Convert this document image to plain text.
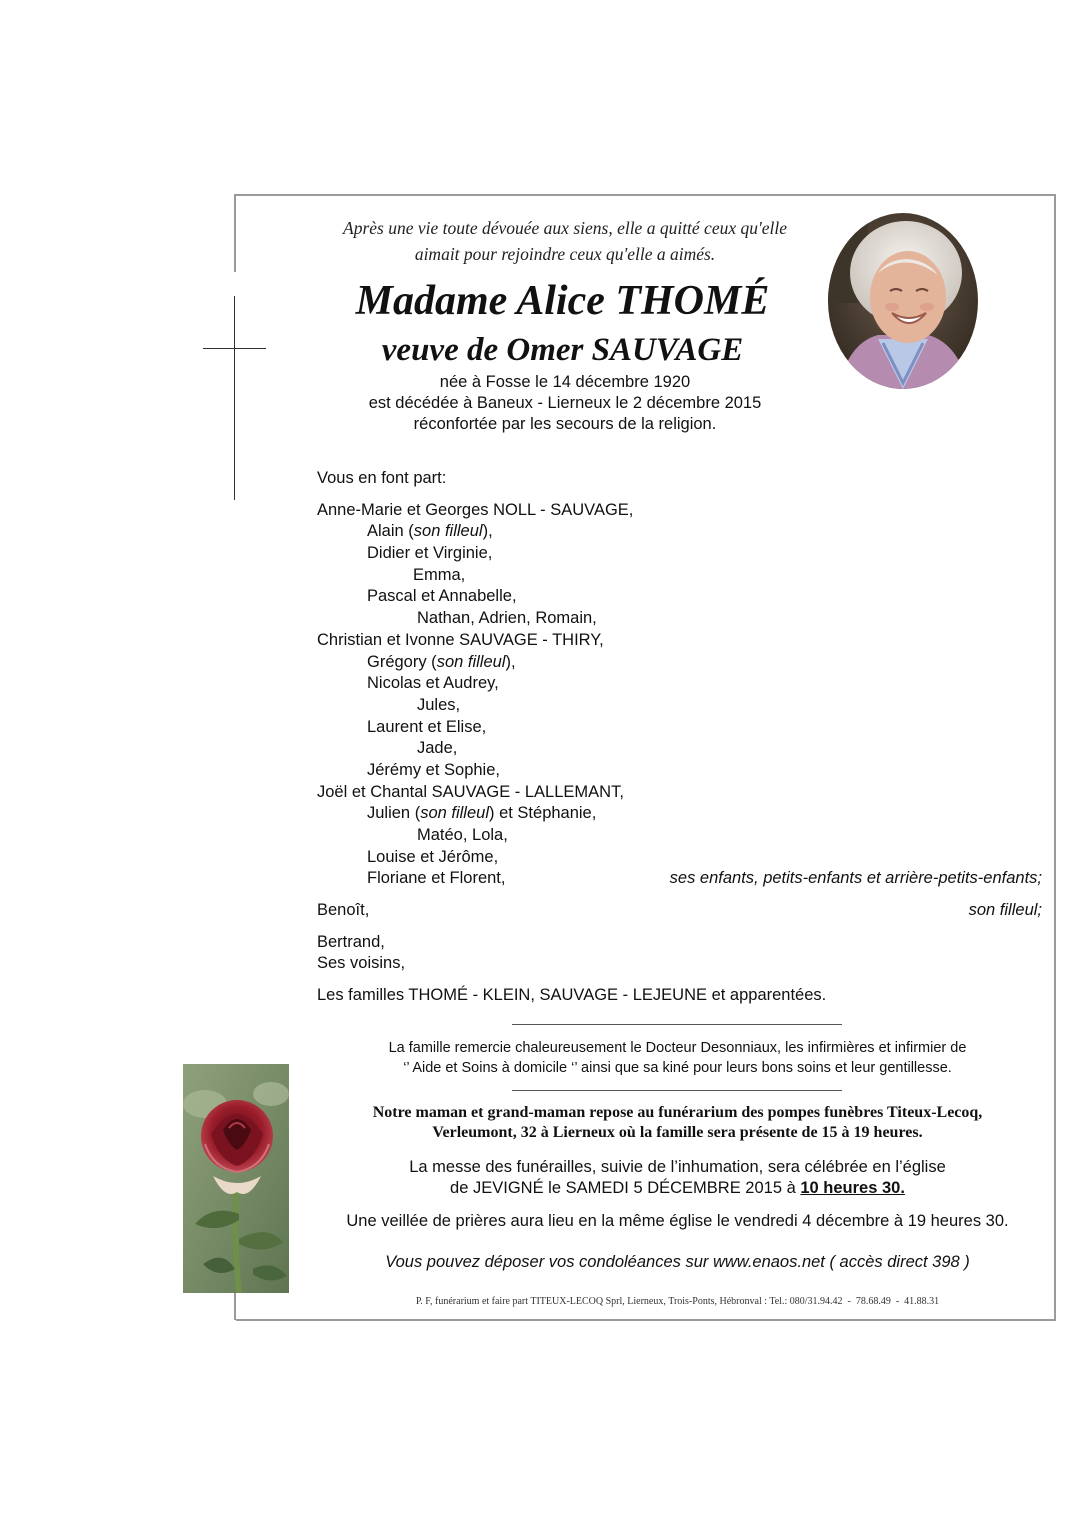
Après une vie toute dévouée aux siens, elle a quitté ceux qu'elle
aimait pour rejoindre ceux qu'elle a aimés.
Madame Alice THOMÉ
veuve de Omer SAUVAGE
née à Fosse le 14 décembre 1920
est décédée à Baneux - Lierneux le 2 décembre 2015
réconfortée par les secours de la religion.
Vous en font part:
Anne-Marie et Georges NOLL - SAUVAGE,
Alain (son filleul),
Didier et Virginie,
Emma,
Pascal et Annabelle,
Nathan, Adrien, Romain,
Christian et Ivonne SAUVAGE - THIRY,
Grégory (son filleul),
Nicolas et Audrey,
Jules,
Laurent et Elise,
Jade,
Jérémy et Sophie,
Joël et Chantal SAUVAGE - LALLEMANT,
Julien (son filleul) et Stéphanie,
Matéo, Lola,
Louise et Jérôme,
Floriane et Florent,	ses enfants, petits-enfants et arrière-petits-enfants;
Benoît,	son filleul;
Bertrand,
Ses voisins,
Les familles THOMÉ - KLEIN, SAUVAGE - LEJEUNE et apparentées.
La famille remercie chaleureusement le Docteur Desonniaux, les infirmières et infirmier de
‘’ Aide et Soins à domicile ‘’ ainsi que sa kiné pour leurs bons soins et leur gentillesse.
Notre maman et grand-maman repose au funérarium des pompes funèbres Titeux-Lecoq,
Verleumont, 32 à Lierneux où la famille sera présente de 15 à 19 heures.
La messe des funérailles, suivie de l’inhumation, sera célébrée en l’église
de JEVIGNÉ le SAMEDI 5 DÉCEMBRE 2015 à 10 heures 30.
Une veillée de prières aura lieu en la même église le vendredi 4 décembre à 19 heures 30.
Vous pouvez déposer vos condoléances sur www.enaos.net ( accès direct 398 )
P. F, funérarium et faire part TITEUX-LECOQ Sprl, Lierneux, Trois-Ponts, Hébronval : Tel.: 080/31.94.42  -  78.68.49  -  41.88.31
